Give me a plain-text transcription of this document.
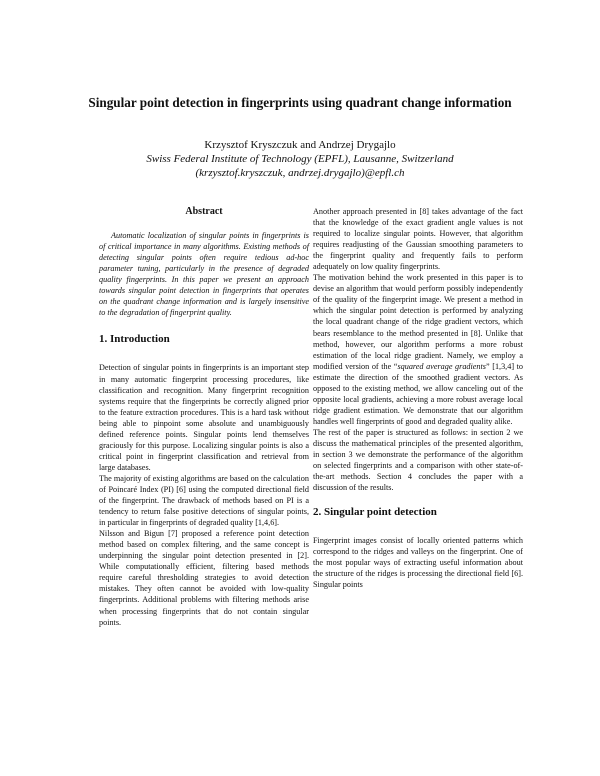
Singular point detection in fingerprints using quadrant change information
Krzysztof Kryszczuk and Andrzej Drygajlo
Swiss Federal Institute of Technology (EPFL), Lausanne, Switzerland
(krzysztof.kryszczuk, andrzej.drygajlo)@epfl.ch
Abstract

Automatic localization of singular points in fingerprints is of critical importance in many algorithms. Existing methods of detecting singular points often require tedious ad-hoc parameter tuning, particularly in the presence of degraded quality fingerprints. In this paper we present an approach towards singular point detection in fingerprints that operates on the quadrant change information and is largely insensitive to the degradation of fingerprint quality.

1. Introduction

Detection of singular points in fingerprints is an important step in many automatic fingerprint processing procedures, like classification and recognition. Many fingerprint recognition systems require that the fingerprints be correctly aligned prior to the feature extraction procedures. This is a hard task without being able to pinpoint some absolute and unambiguously defined reference points. Singular points lend themselves graciously for this purpose. Localizing singular points is also a critical point in fingerprint classification and retrieval from large databases.

The majority of existing algorithms are based on the calculation of Poincaré Index (PI) [6] using the computed directional field of the fingerprint. The drawback of methods based on PI is a tendency to return false positive detections of singular points, in particular in fingerprints of degraded quality [1,4,6].

Nilsson and Bigun [7] proposed a reference point detection method based on complex filtering, and the same concept is underpinning the singular point detection presented in [2]. While computationally efficient, filtering based methods require careful thresholding strategies to avoid detection mistakes. They often cannot be avoided with low-quality fingerprints. Additional problems with filtering methods arise when processing fingerprints that do not contain singular points.

Another approach presented in [8] takes advantage of the fact that the knowledge of the exact gradient angle values is not required to localize singular points. However, that algorithm requires readjusting of the Gaussian smoothing parameters to the fingerprint quality and frequently fails to perform adequately on low quality fingerprints.

The motivation behind the work presented in this paper is to devise an algorithm that would perform possibly independently of the quality of the fingerprint image. We present a method in which the singular point detection is performed by analyzing the local quadrant change of the ridge gradient vectors, which bears resemblance to the method presented in [8]. Unlike that method, however, our algorithm performs a more robust estimation of the local ridge gradient. Namely, we employ a modified version of the “squared average gradients” [1,3,4] to estimate the direction of the smoothed gradient vectors. As opposed to the existing method, we allow canceling out of the opposite local gradients, achieving a more robust average local ridge gradient estimation. We demonstrate that our algorithm handles well fingerprints of good and degraded quality alike.

The rest of the paper is structured as follows: in section 2 we discuss the mathematical principles of the presented algorithm, in section 3 we demonstrate the performance of the algorithm on selected fingerprints and a comparison with other state-of-the-art methods. Section 4 concludes the paper with a discussion of the results.

2. Singular point detection

Fingerprint images consist of locally oriented patterns which correspond to the ridges and valleys on the fingerprint. One of the most popular ways of extracting useful information about the structure of the ridges is processing the directional field [6]. Singular points
